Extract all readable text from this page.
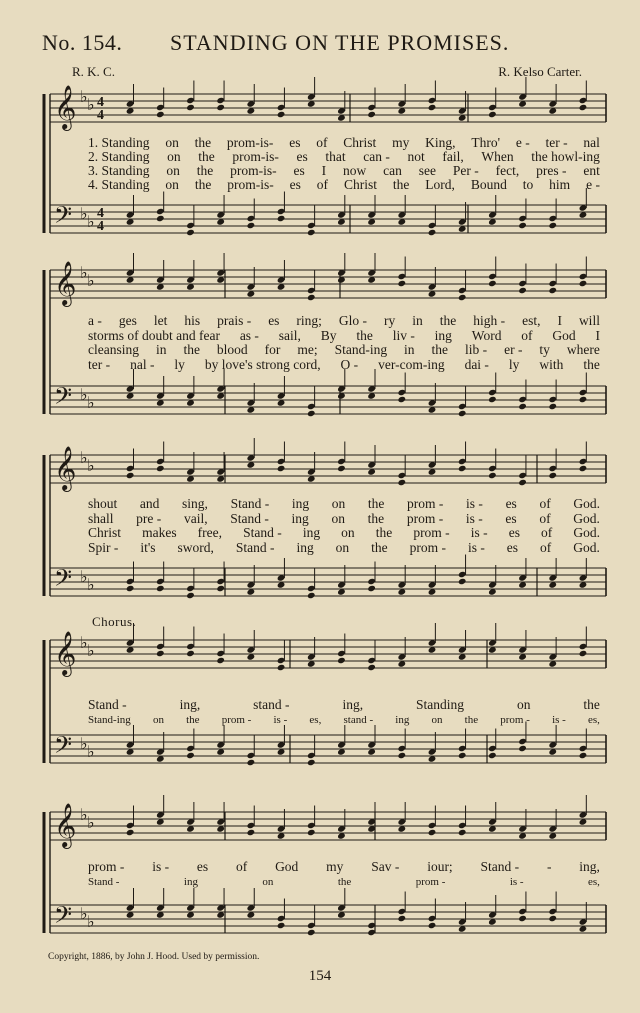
No. 154. STANDING ON THE PROMISES.
R. K. C.	R. Kelso Carter.
𝄞
𝄢
♭ ♭
♭ ♭
4
4
4
4
𝄞
𝄢
♭ ♭
♭ ♭
𝄞
𝄢
♭ ♭
♭ ♭
𝄞
𝄢
♭ ♭
♭ ♭
𝄞
𝄢
♭ ♭
♭ ♭
1. Standing on the prom-is- es of Christ my King, Thro' e - ter - nal
2. Standing on the prom-is- es that can - not fail, When the howl-ing
3. Standing on the prom-is- es I now can see Per - fect, pres - ent
4. Standing on the prom-is- es of Christ the Lord, Bound to him e -
a - ges let his prais - es ring; Glo - ry in the high - est, I will
storms of doubt and fear as - sail, By the liv - ing Word of God I
cleansing in the blood for me; Stand-ing in the lib - er - ty where
ter - nal - ly by love's strong cord, O - ver-com-ing dai - ly with the
shout and sing, Stand - ing on the prom - is - es of God.
shall pre - vail, Stand - ing on the prom - is - es of God.
Christ makes free, Stand - ing on the prom - is - es of God.
Spir - it's sword, Stand - ing on the prom - is - es of God.
Stand -	ing,	stand -	ing,	Standing	on	the
Stand-ing on the prom - is - es, stand - ing on the prom - is - es,
prom - is - es of God my Sav - iour; Stand - - ing,
Stand -	ing	on	the	prom -	is -	es,
Chorus.
Copyright, 1886, by John J. Hood. Used by permission.
154
